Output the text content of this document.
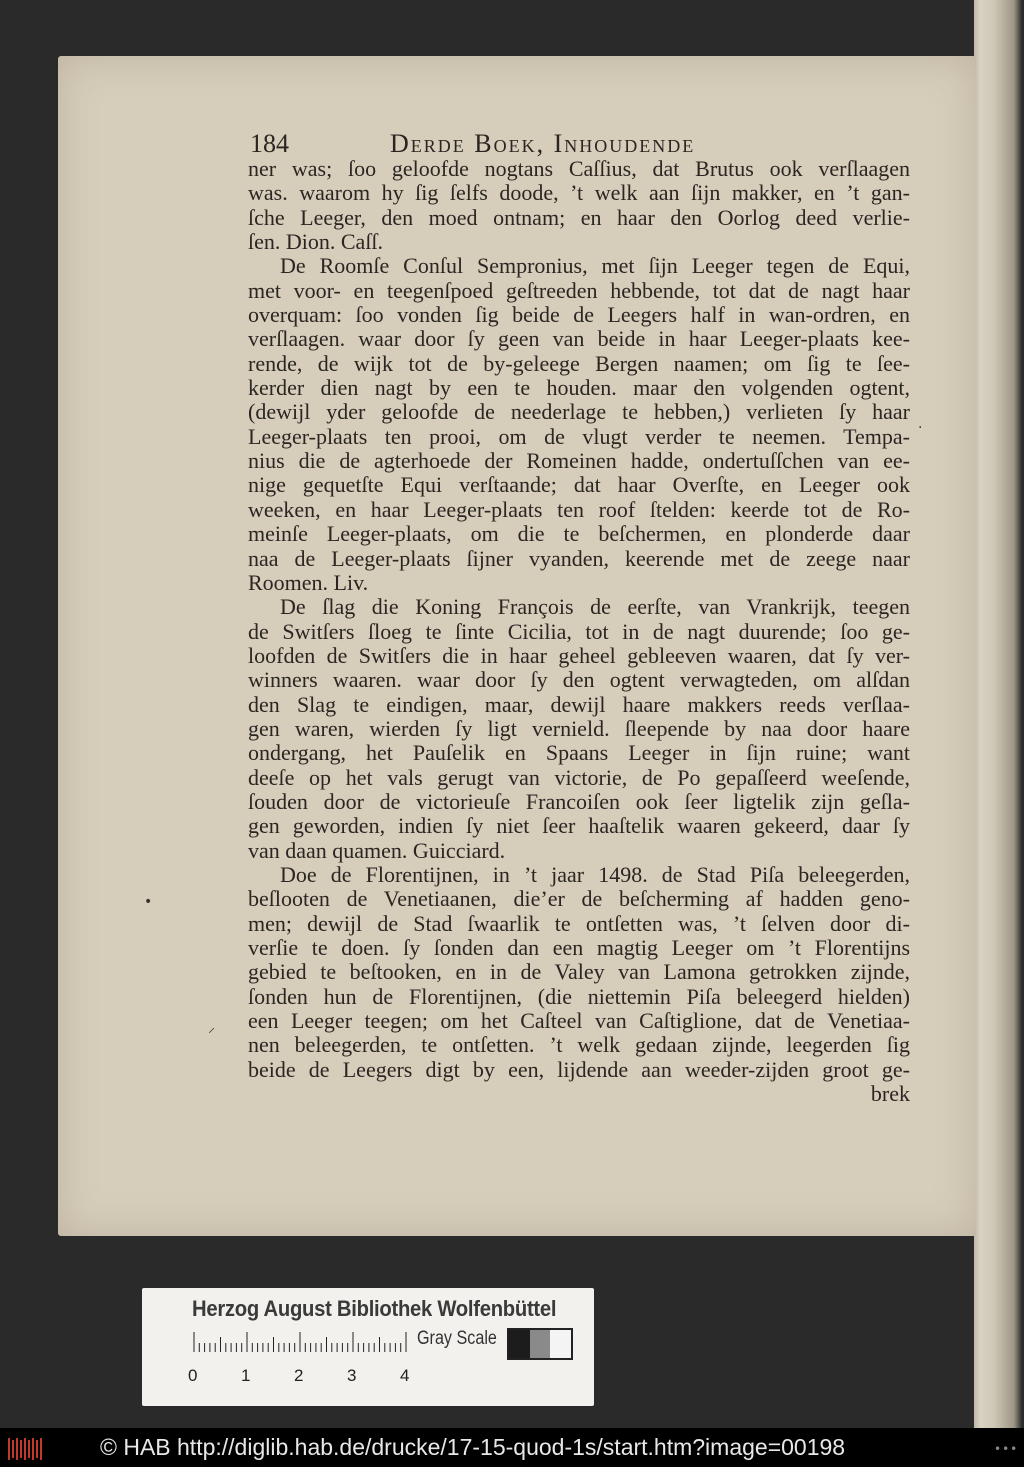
184	Derde Boek, Inhoudende
ner was; ſoo geloofde nogtans Caſſius, dat Brutus ook verſlaagen
was. waarom hy ſig ſelfs doode, ’t welk aan ſijn makker, en ’t gan-
ſche Leeger, den moed ontnam; en haar den Oorlog deed verlie-
ſen. Dion. Caſſ.
De Roomſe Conſul Sempronius, met ſijn Leeger tegen de Equi,
met voor- en teegenſpoed geſtreeden hebbende, tot dat de nagt haar
overquam: ſoo vonden ſig beide de Leegers half in wan-ordren, en
verſlaagen. waar door ſy geen van beide in haar Leeger-plaats kee-
rende, de wijk tot de by-geleege Bergen naamen; om ſig te ſee-
kerder dien nagt by een te houden. maar den volgenden ogtent,
(dewijl yder geloofde de neederlage te hebben,) verlieten ſy haar
Leeger-plaats ten prooi, om de vlugt verder te neemen. Tempa-
nius die de agterhoede der Romeinen hadde, ondertuſſchen van ee-
nige gequetſte Equi verſtaande; dat haar Overſte, en Leeger ook
weeken, en haar Leeger-plaats ten roof ſtelden: keerde tot de Ro-
meinſe Leeger-plaats, om die te beſchermen, en plonderde daar
naa de Leeger-plaats ſijner vyanden, keerende met de zeege naar
Roomen. Liv.
De ſlag die Koning François de eerſte, van Vrankrijk, teegen
de Switſers ſloeg te ſinte Cicilia, tot in de nagt duurende; ſoo ge-
loofden de Switſers die in haar geheel gebleeven waaren, dat ſy ver-
winners waaren. waar door ſy den ogtent verwagteden, om alſdan
den Slag te eindigen, maar, dewijl haare makkers reeds verſlaa-
gen waren, wierden ſy ligt vernield. ſleepende by naa door haare
ondergang, het Pauſelik en Spaans Leeger in ſijn ruine; want
deeſe op het vals gerugt van victorie, de Po gepaſſeerd weeſende,
ſouden door de victorieuſe Francoiſen ook ſeer ligtelik zijn geſla-
gen geworden, indien ſy niet ſeer haaſtelik waaren gekeerd, daar ſy
van daan quamen. Guicciard.
Doe de Florentijnen, in ’t jaar 1498. de Stad Piſa beleegerden,
beſlooten de Venetiaanen, die’er de beſcherming af hadden geno-
men; dewijl de Stad ſwaarlik te ontſetten was, ’t ſelven door di-
verſie te doen. ſy ſonden dan een magtig Leeger om ’t Florentijns
gebied te beſtooken, en in de Valey van Lamona getrokken zijnde,
ſonden hun de Florentijnen, (die niettemin Piſa beleegerd hielden)
een Leeger teegen; om het Caſteel van Caſtiglione, dat de Venetiaa-
nen beleegerden, te ontſetten. ’t welk gedaan zijnde, leegerden ſig
beide de Leegers digt by een, lijdende aan weeder-zijden groot ge-
brek
•
⸝
·
Herzog August Bibliothek Wolfenbüttel
0	1	2	3	4
Gray Scale
© HAB http://diglib.hab.de/drucke/17-15-quod-1s/start.htm?image=00198	•••
